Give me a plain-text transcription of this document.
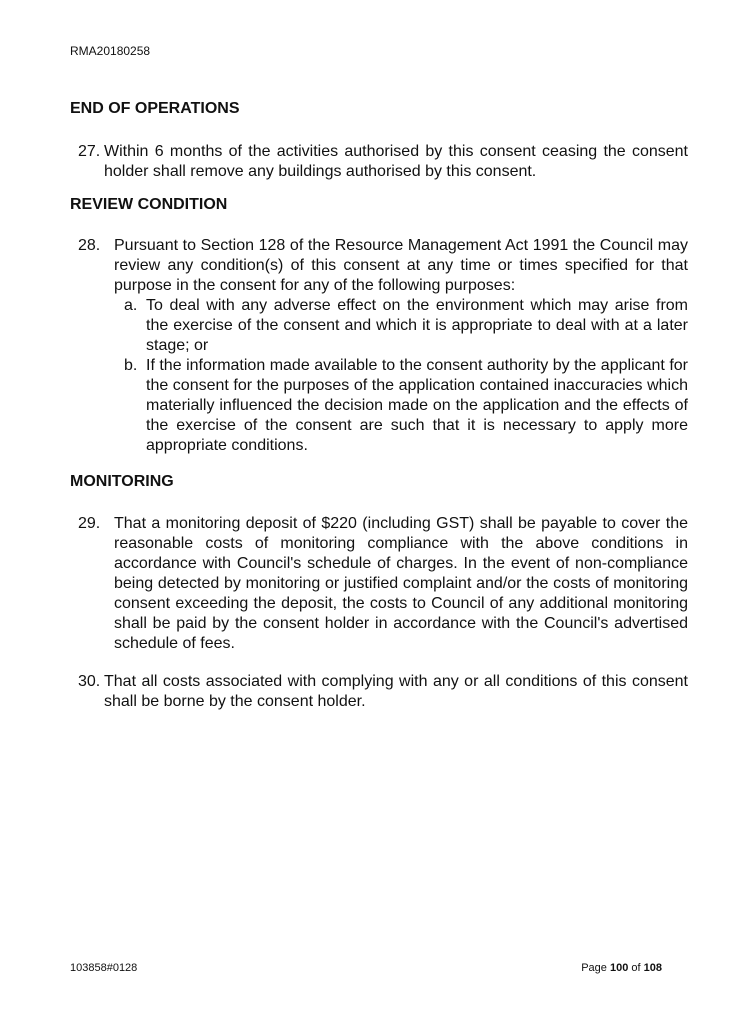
RMA20180258
END OF OPERATIONS
27. Within 6 months of the activities authorised by this consent ceasing the consent holder shall remove any buildings authorised by this consent.
REVIEW CONDITION
28. Pursuant to Section 128 of the Resource Management Act 1991 the Council may review any condition(s) of this consent at any time or times specified for that purpose in the consent for any of the following purposes:
a. To deal with any adverse effect on the environment which may arise from the exercise of the consent and which it is appropriate to deal with at a later stage; or
b. If the information made available to the consent authority by the applicant for the consent for the purposes of the application contained inaccuracies which materially influenced the decision made on the application and the effects of the exercise of the consent are such that it is necessary to apply more appropriate conditions.
MONITORING
29. That a monitoring deposit of $220 (including GST) shall be payable to cover the reasonable costs of monitoring compliance with the above conditions in accordance with Council's schedule of charges. In the event of non-compliance being detected by monitoring or justified complaint and/or the costs of monitoring consent exceeding the deposit, the costs to Council of any additional monitoring shall be paid by the consent holder in accordance with the Council's advertised schedule of fees.
30. That all costs associated with complying with any or all conditions of this consent shall be borne by the consent holder.
103858#0128	Page 100 of 108
